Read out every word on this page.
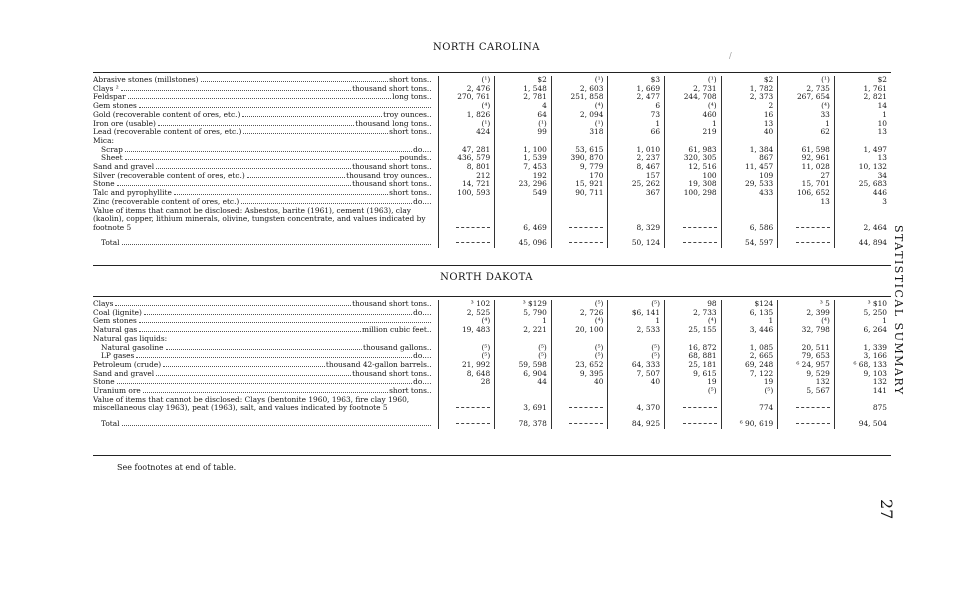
NORTH CAROLINA
Abrasive stones (millstones) short tons..	(¹)	$2	(¹)	$3	(¹)	$2	(¹)	$2

Clays ² thousand short tons..	2, 476	1, 548	2, 603	1, 669	2, 731	1, 782	2, 735	1, 761

Feldspar long tons..	270, 761	2, 781	251, 858	2, 477	244, 708	2, 373	267, 654	2, 821

Gem stones	(⁴)	4	(⁴)	6	(⁴)	2	(⁴)	14

Gold (recoverable content of ores, etc.) troy ounces..	1, 826	64	2, 094	73	460	16	33	1

Iron ore (usable) thousand long tons..	(¹)	(¹)	(¹)	1	1	13	1	10

Lead (recoverable content of ores, etc.) short tons..	424	99	318	66	219	40	62	13

Mica:								

Scrap do....	47, 281	1, 100	53, 615	1, 010	61, 983	1, 384	61, 598	1, 497

Sheet pounds..	436, 579	1, 539	390, 870	2, 237	320, 305	867	92, 961	13

Sand and gravel thousand short tons..	8, 801	7, 453	9, 779	8, 467	12, 516	11, 457	11, 028	10, 132

Silver (recoverable content of ores, etc.) thousand troy ounces..	212	192	170	157	100	109	27	34

Stone thousand short tons..	14, 721	23, 296	15, 921	25, 262	19, 308	29, 533	15, 701	25, 683

Talc and pyrophyllite short tons..	100, 593	549	90, 711	367	100, 298	433	106, 652	446

Zinc (recoverable content of ores, etc.) do....							13	3
Value of items that cannot be disclosed: Asbestos, barite (1961), cement (1963), clay (kaolin), copper, lithium minerals, olivine, tungsten concentrate, and values indicated by footnote 5		6, 469		8, 329		6, 586		2, 464

Total		45, 096		50, 124		54, 597		44, 894
NORTH DAKOTA
Clays thousand short tons..	³ 102	³ $129	(⁵)	(⁵)	98	$124	³ 5	³ $10

Coal (lignite) do....	2, 525	5, 790	2, 726	$6, 141	2, 733	6, 135	2, 399	5, 250

Gem stones	(⁴)	1	(⁴)	1	(⁴)	1	(⁴)	1

Natural gas million cubic feet..	19, 483	2, 221	20, 100	2, 533	25, 155	3, 446	32, 798	6, 264

Natural gas liquids:								

Natural gasoline thousand gallons..	(⁵)	(⁵)	(⁵)	(⁵)	16, 872	1, 085	20, 511	1, 339

LP gases do....	(⁵)	(⁵)	(⁵)	(⁵)	68, 881	2, 665	79, 653	3, 166

Petroleum (crude) thousand 42-gallon barrels..	21, 992	59, 598	23, 652	64, 333	25, 181	69, 248	⁶ 24, 957	⁶ 68, 133

Sand and gravel thousand short tons..	8, 648	6, 904	9, 395	7, 507	9, 615	7, 122	9, 529	9, 103

Stone do....	28	44	40	40	19	19	132	132

Uranium ore short tons..					(⁵)	(⁵)	5, 567	141
Value of items that cannot be disclosed: Clays (bentonite 1960, 1963, fire clay 1960, miscellaneous clay 1963), peat (1963), salt, and values indicated by footnote 5		3, 691		4, 370		774		875

Total		78, 378		84, 925		⁶ 90, 619		94, 504
See footnotes at end of table.
STATISTICAL SUMMARY
27
/
